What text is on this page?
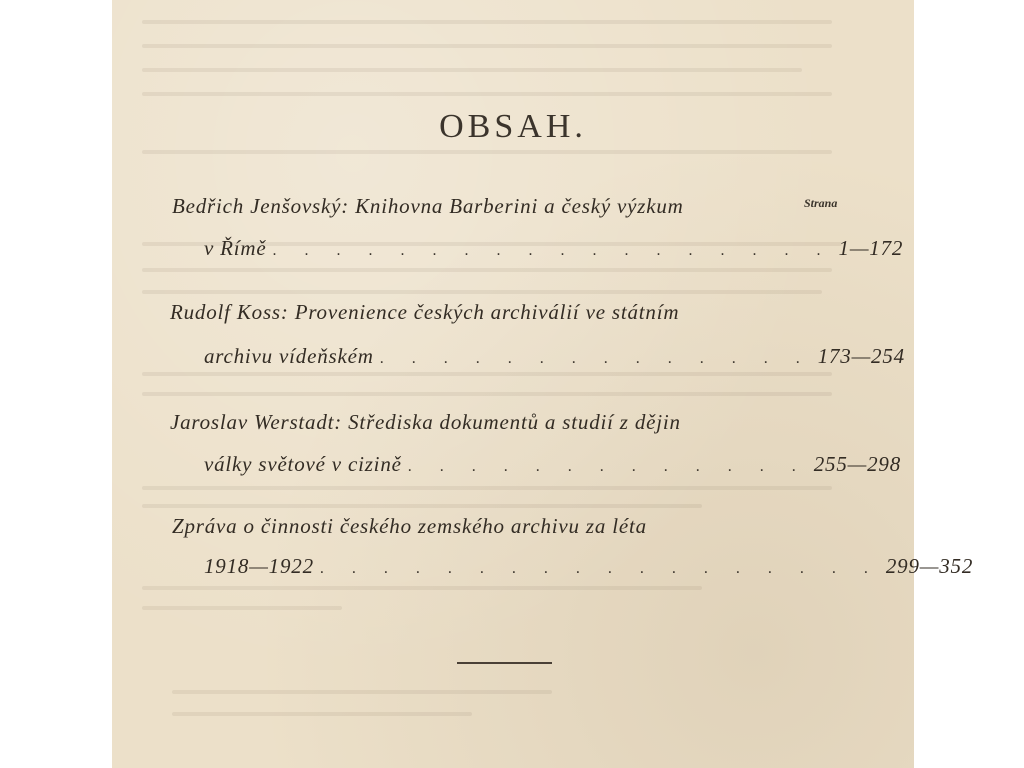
OBSAH.
Strana
Bedřich Jenšovský: Knihovna Barberini a český výzkum
v Římě . . . . . . . . . . . . . . . . . . 1—172
Rudolf Koss: Provenience českých archiválií ve státním
archivu vídeňském . . . . . . . . . . . . . . 173—254
Jaroslav Werstadt: Střediska dokumentů a studií z dějin
války světové v cizině . . . . . . . . . . . . . 255—298
Zpráva o činnosti českého zemského archivu za léta
1918—1922 . . . . . . . . . . . . . . . . . . 299—352
